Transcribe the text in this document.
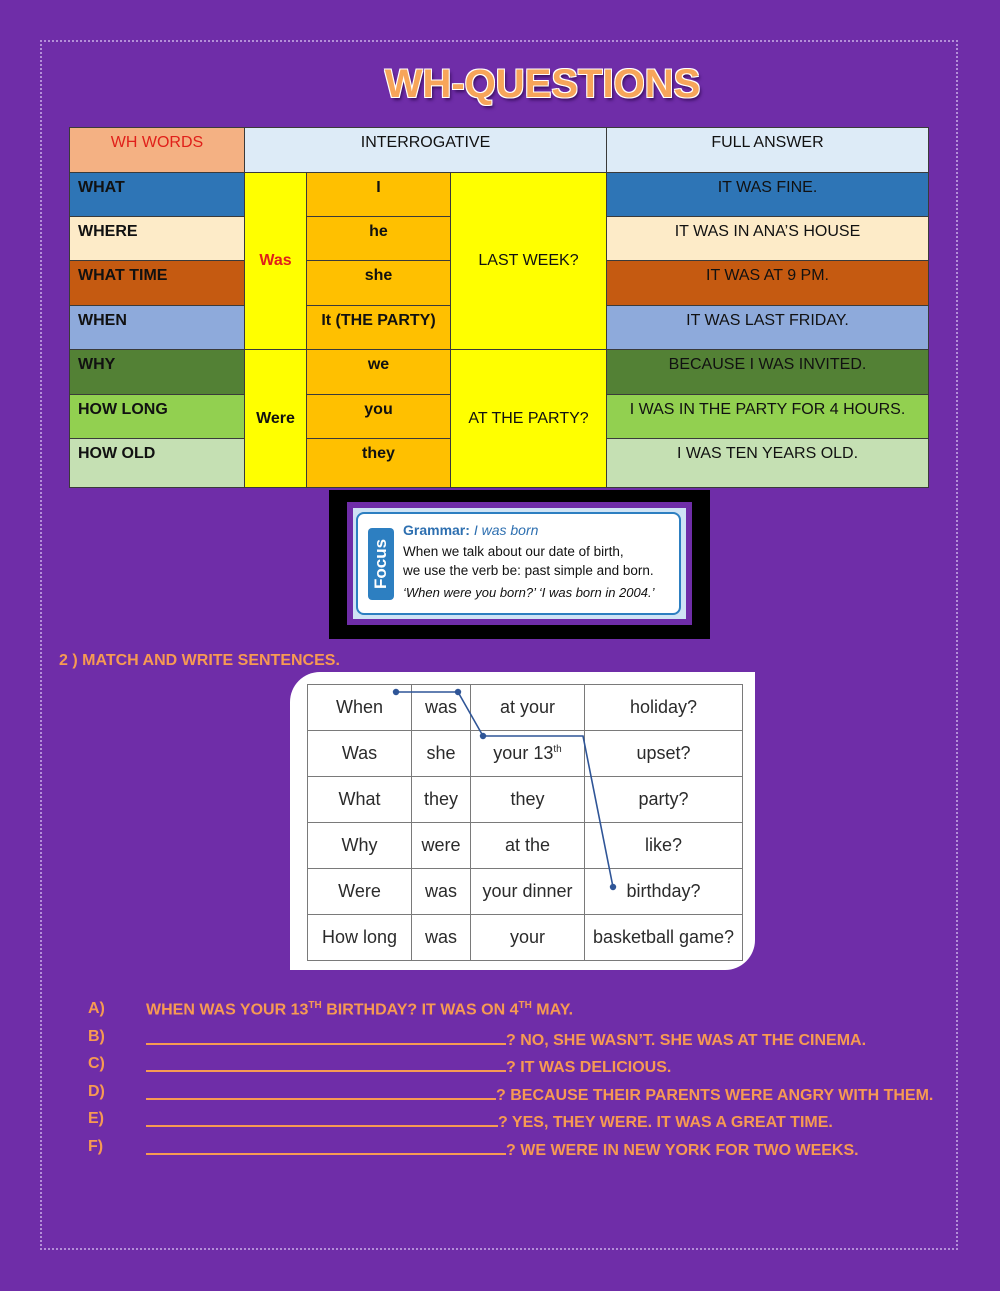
WH-QUESTIONS
WH WORDS	INTERROGATIVE			FULL ANSWER

WHAT	Was	I	LAST WEEK?	IT WAS FINE.

WHERE		he		IT WAS IN ANA’S HOUSE

WHAT TIME		she		IT WAS AT 9 PM.

WHEN		It (THE PARTY)		IT WAS LAST FRIDAY.

WHY	Were	we	AT THE PARTY?	BECAUSE I WAS INVITED.

HOW LONG		you		I WAS IN THE PARTY FOR 4 HOURS.

HOW OLD		they		I WAS TEN YEARS OLD.
Focus
Grammar: I was born
When we talk about our date of birth,
we use the verb be: past simple and born.
‘When were you born?’ ‘I was born in 2004.’
2 ) MATCH AND WRITE SENTENCES.
When	was	at your	holiday?
Was	she	your 13th	upset?
What	they	they	party?
Why	were	at the	like?
Were	was	your dinner	birthday?
How long	was	your	basketball game?
A)	WHEN WAS YOUR 13TH BIRTHDAY? IT WAS ON 4TH MAY.
B)	? NO, SHE WASN’T. SHE WAS AT THE CINEMA.
C)	? IT WAS DELICIOUS.
D)	? BECAUSE THEIR PARENTS WERE ANGRY WITH THEM.
E)	? YES, THEY WERE. IT WAS A GREAT TIME.
F)	? WE WERE IN NEW YORK FOR TWO WEEKS.
